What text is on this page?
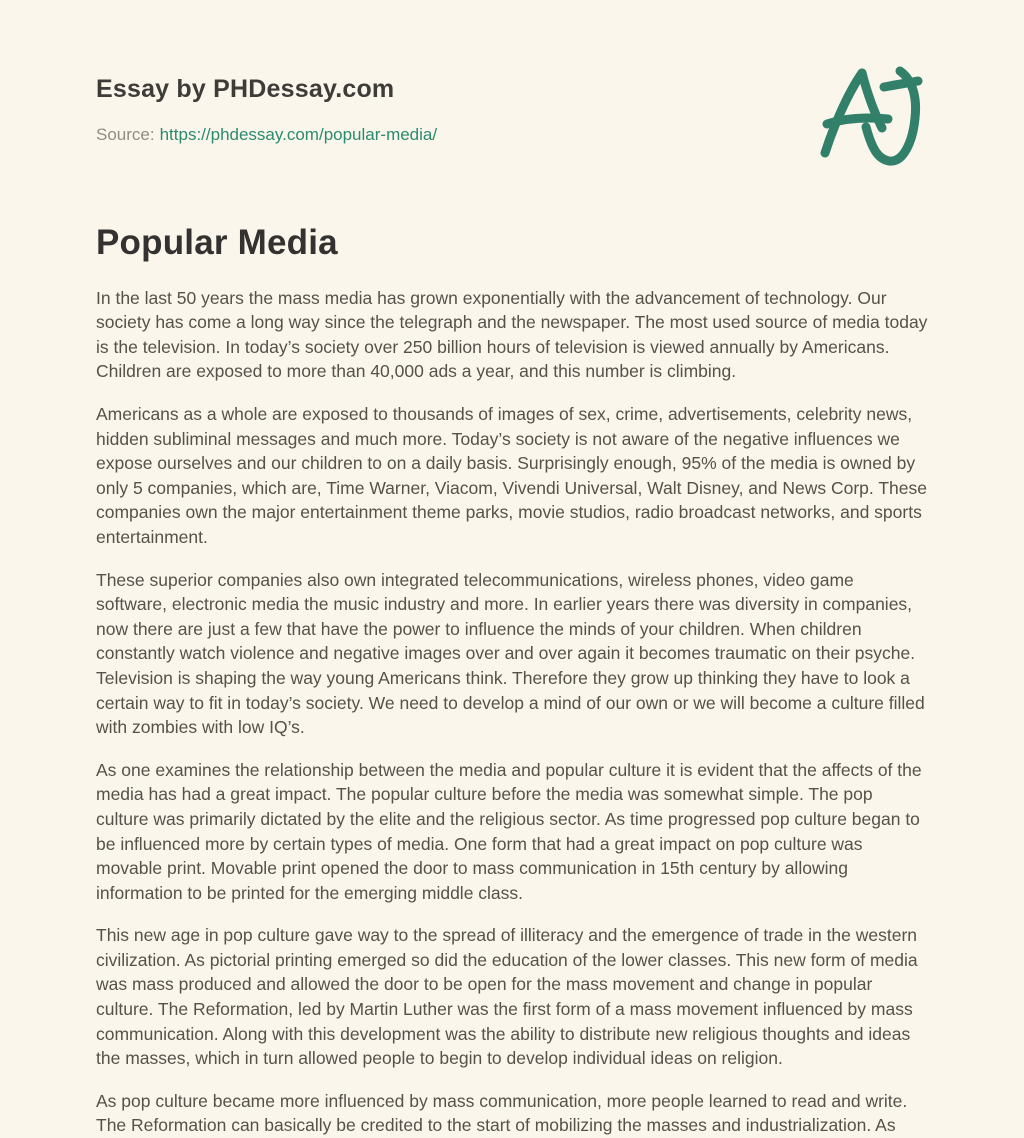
Essay by PHDessay.com
Source: https://phdessay.com/popular-media/
Popular Media

In the last 50 years the mass media has grown exponentially with the advancement of technology. Our society has come a long way since the telegraph and the newspaper. The most used source of media today is the television. In today’s society over 250 billion hours of television is viewed annually by Americans. Children are exposed to more than 40,000 ads a year, and this number is climbing.

Americans as a whole are exposed to thousands of images of sex, crime, advertisements, celebrity news, hidden subliminal messages and much more. Today’s society is not aware of the negative influences we expose ourselves and our children to on a daily basis. Surprisingly enough, 95% of the media is owned by only 5 companies, which are, Time Warner, Viacom, Vivendi Universal, Walt Disney, and News Corp. These companies own the major entertainment theme parks, movie studios, radio broadcast networks, and sports entertainment.

These superior companies also own integrated telecommunications, wireless phones, video game software, electronic media the music industry and more. In earlier years there was diversity in companies, now there are just a few that have the power to influence the minds of your children. When children constantly watch violence and negative images over and over again it becomes traumatic on their psyche. Television is shaping the way young Americans think. Therefore they grow up thinking they have to look a certain way to fit in today’s society. We need to develop a mind of our own or we will become a culture filled with zombies with low IQ’s.

As one examines the relationship between the media and popular culture it is evident that the affects of the media has had a great impact. The popular culture before the media was somewhat simple. The pop culture was primarily dictated by the elite and the religious sector. As time progressed pop culture began to be influenced more by certain types of media. One form that had a great impact on pop culture was movable print. Movable print opened the door to mass communication in 15th century by allowing information to be printed for the emerging middle class.

This new age in pop culture gave way to the spread of illiteracy and the emergence of trade in the western civilization. As pictorial printing emerged so did the education of the lower classes. This new form of media was mass produced and allowed the door to be open for the mass movement and change in popular culture. The Reformation, led by Martin Luther was the first form of a mass movement influenced by mass communication. Along with this development was the ability to distribute new religious thoughts and ideas the masses, which in turn allowed people to begin to develop individual ideas on religion.

As pop culture became more influenced by mass communication, more people learned to read and write. The Reformation can basically be credited to the start of mobilizing the masses and industrialization. As
